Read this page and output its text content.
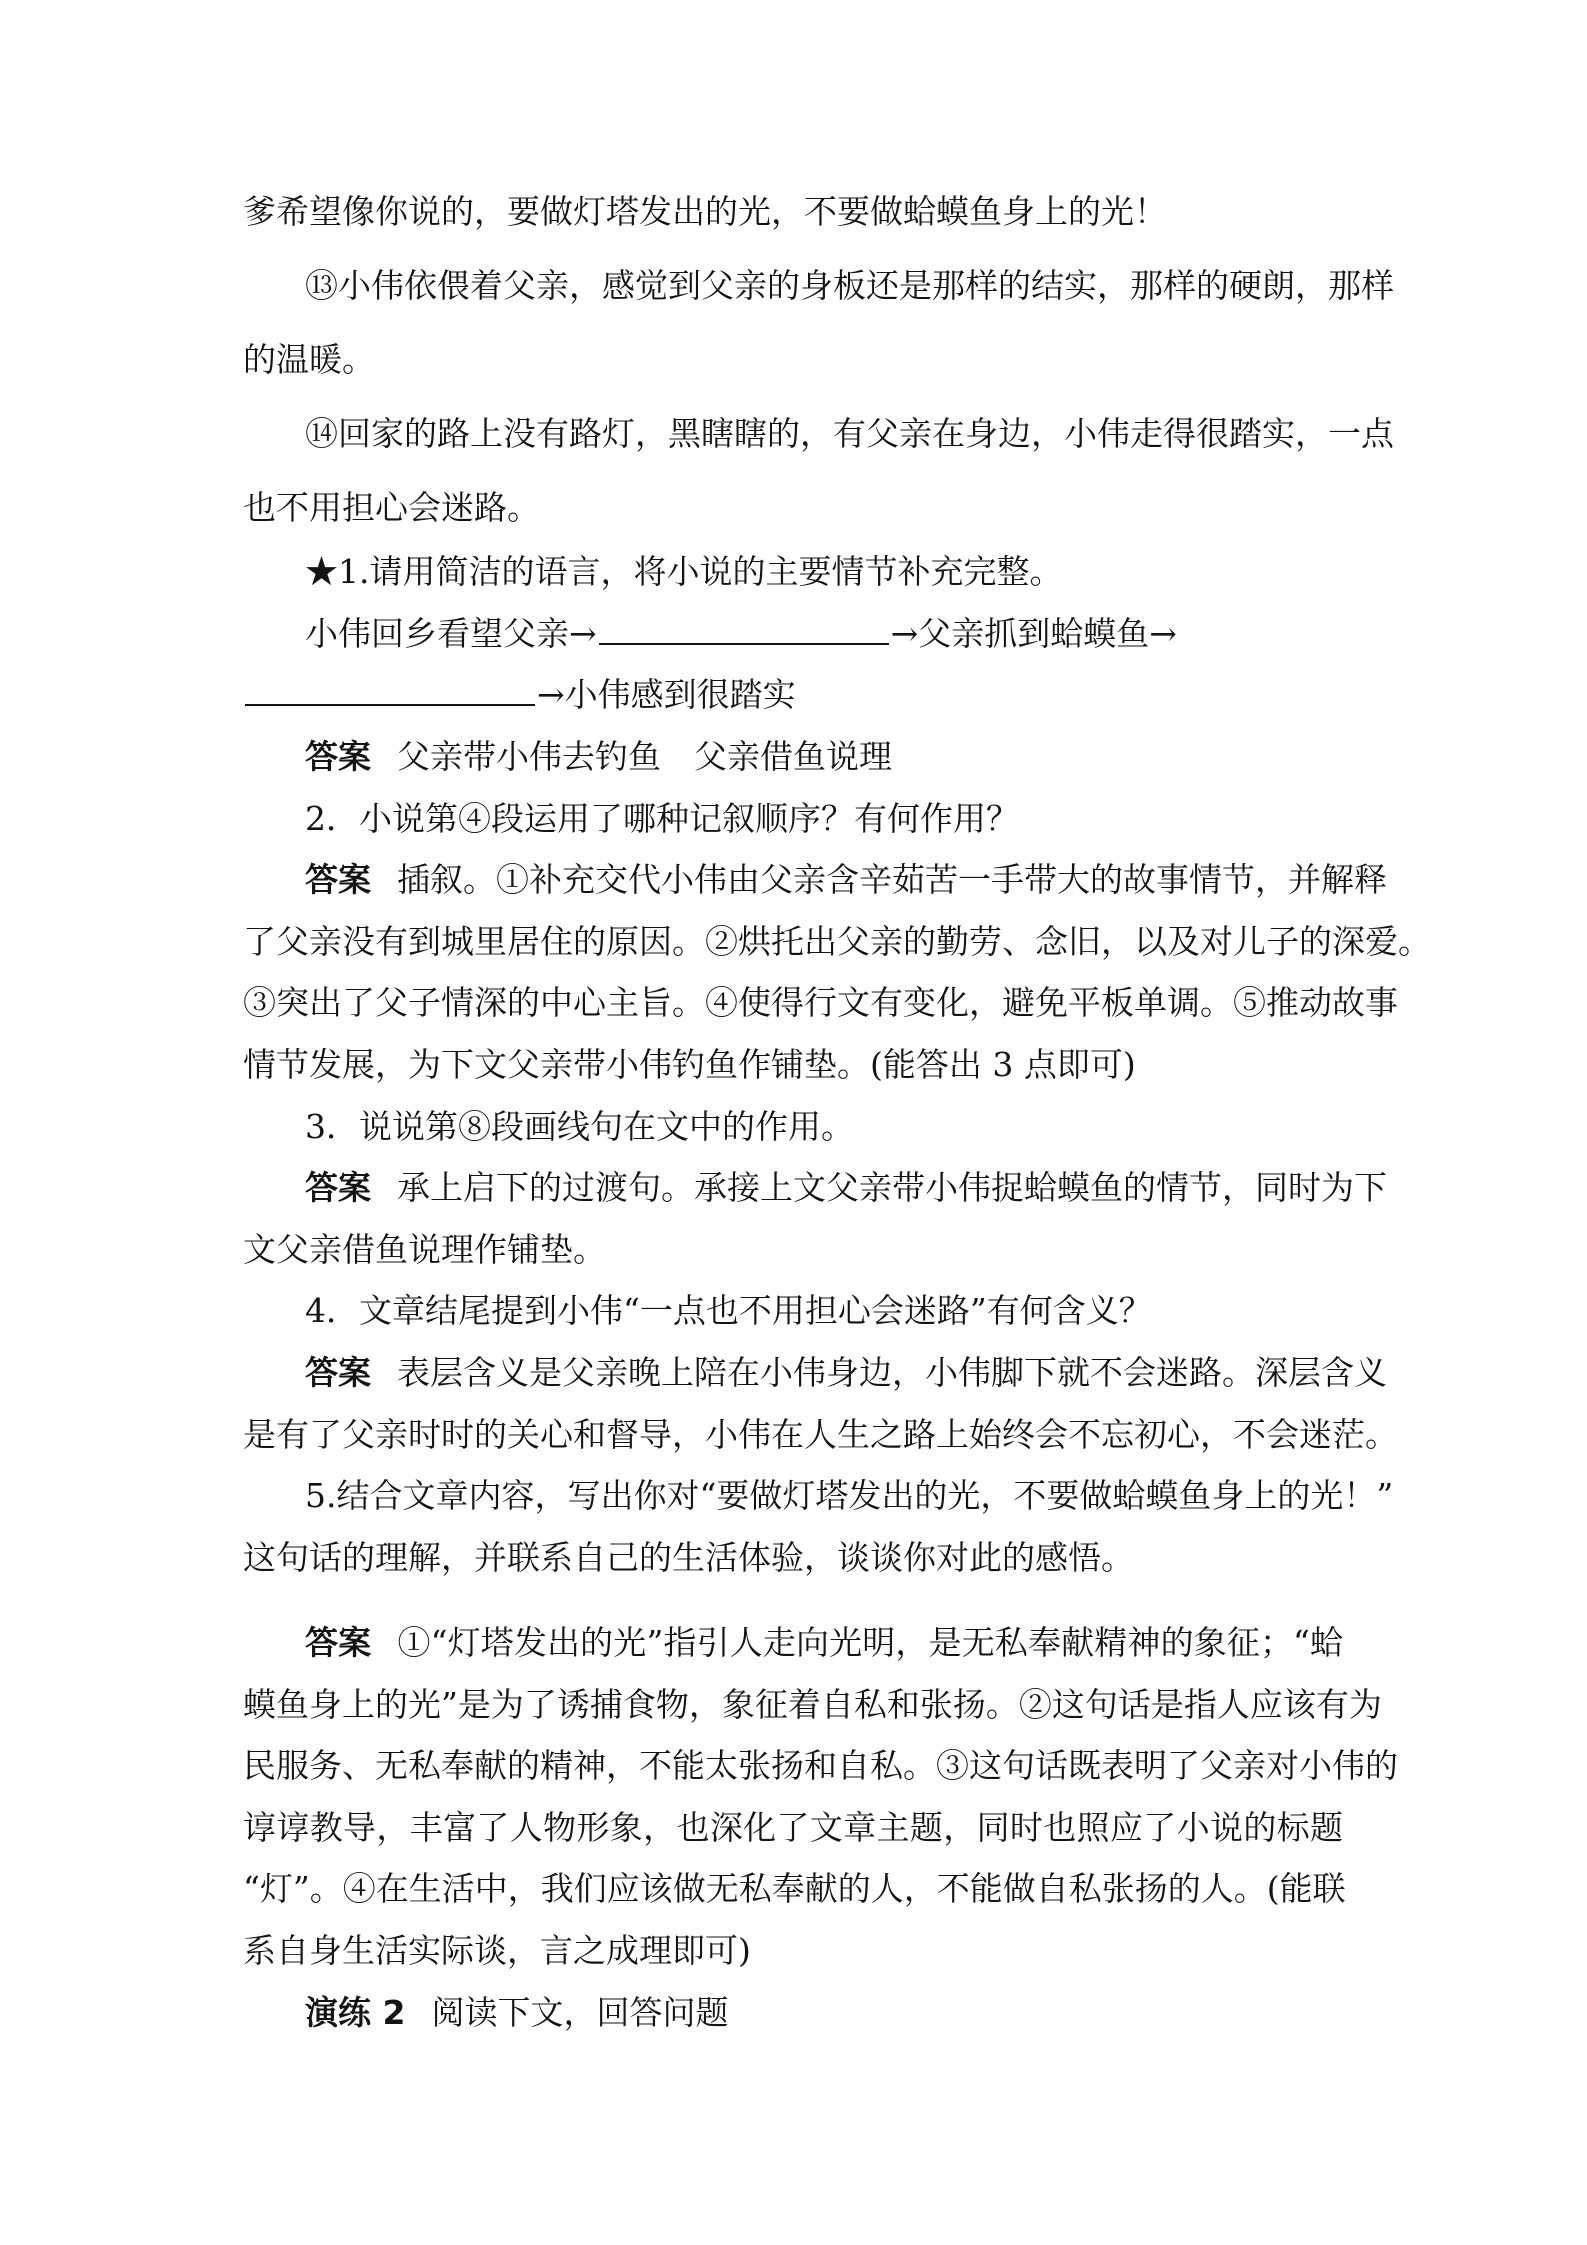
爹希望像你说的，要做灯塔发出的光，不要做蛤蟆鱼身上的光！
⑬小伟依偎着父亲，感觉到父亲的身板还是那样的结实，那样的硬朗，那样
的温暖。
⑭回家的路上没有路灯，黑瞎瞎的，有父亲在身边，小伟走得很踏实，一点
也不用担心会迷路。
★1.请用简洁的语言，将小说的主要情节补充完整。
小伟回乡看望父亲→	→父亲抓到蛤蟆鱼→
→小伟感到很踏实
答案 父亲带小伟去钓鱼　父亲借鱼说理
2．小说第④段运用了哪种记叙顺序？有何作用？
答案 插叙。①补充交代小伟由父亲含辛茹苦一手带大的故事情节，并解释
了父亲没有到城里居住的原因。②烘托出父亲的勤劳、念旧，以及对儿子的深爱。
③突出了父子情深的中心主旨。④使得行文有变化，避免平板单调。⑤推动故事
情节发展，为下文父亲带小伟钓鱼作铺垫。(能答出 3 点即可)
3．说说第⑧段画线句在文中的作用。
答案 承上启下的过渡句。承接上文父亲带小伟捉蛤蟆鱼的情节，同时为下
文父亲借鱼说理作铺垫。
4．文章结尾提到小伟“一点也不用担心会迷路”有何含义？
答案 表层含义是父亲晚上陪在小伟身边，小伟脚下就不会迷路。深层含义
是有了父亲时时的关心和督导，小伟在人生之路上始终会不忘初心，不会迷茫。
5.结合文章内容，写出你对“要做灯塔发出的光，不要做蛤蟆鱼身上的光！”
这句话的理解，并联系自己的生活体验，谈谈你对此的感悟。
答案 ①“灯塔发出的光”指引人走向光明，是无私奉献精神的象征；“蛤
蟆鱼身上的光”是为了诱捕食物，象征着自私和张扬。②这句话是指人应该有为
民服务、无私奉献的精神，不能太张扬和自私。③这句话既表明了父亲对小伟的
谆谆教导，丰富了人物形象，也深化了文章主题，同时也照应了小说的标题
“灯”。④在生活中，我们应该做无私奉献的人，不能做自私张扬的人。(能联
系自身生活实际谈，言之成理即可)
演练 2 阅读下文，回答问题
